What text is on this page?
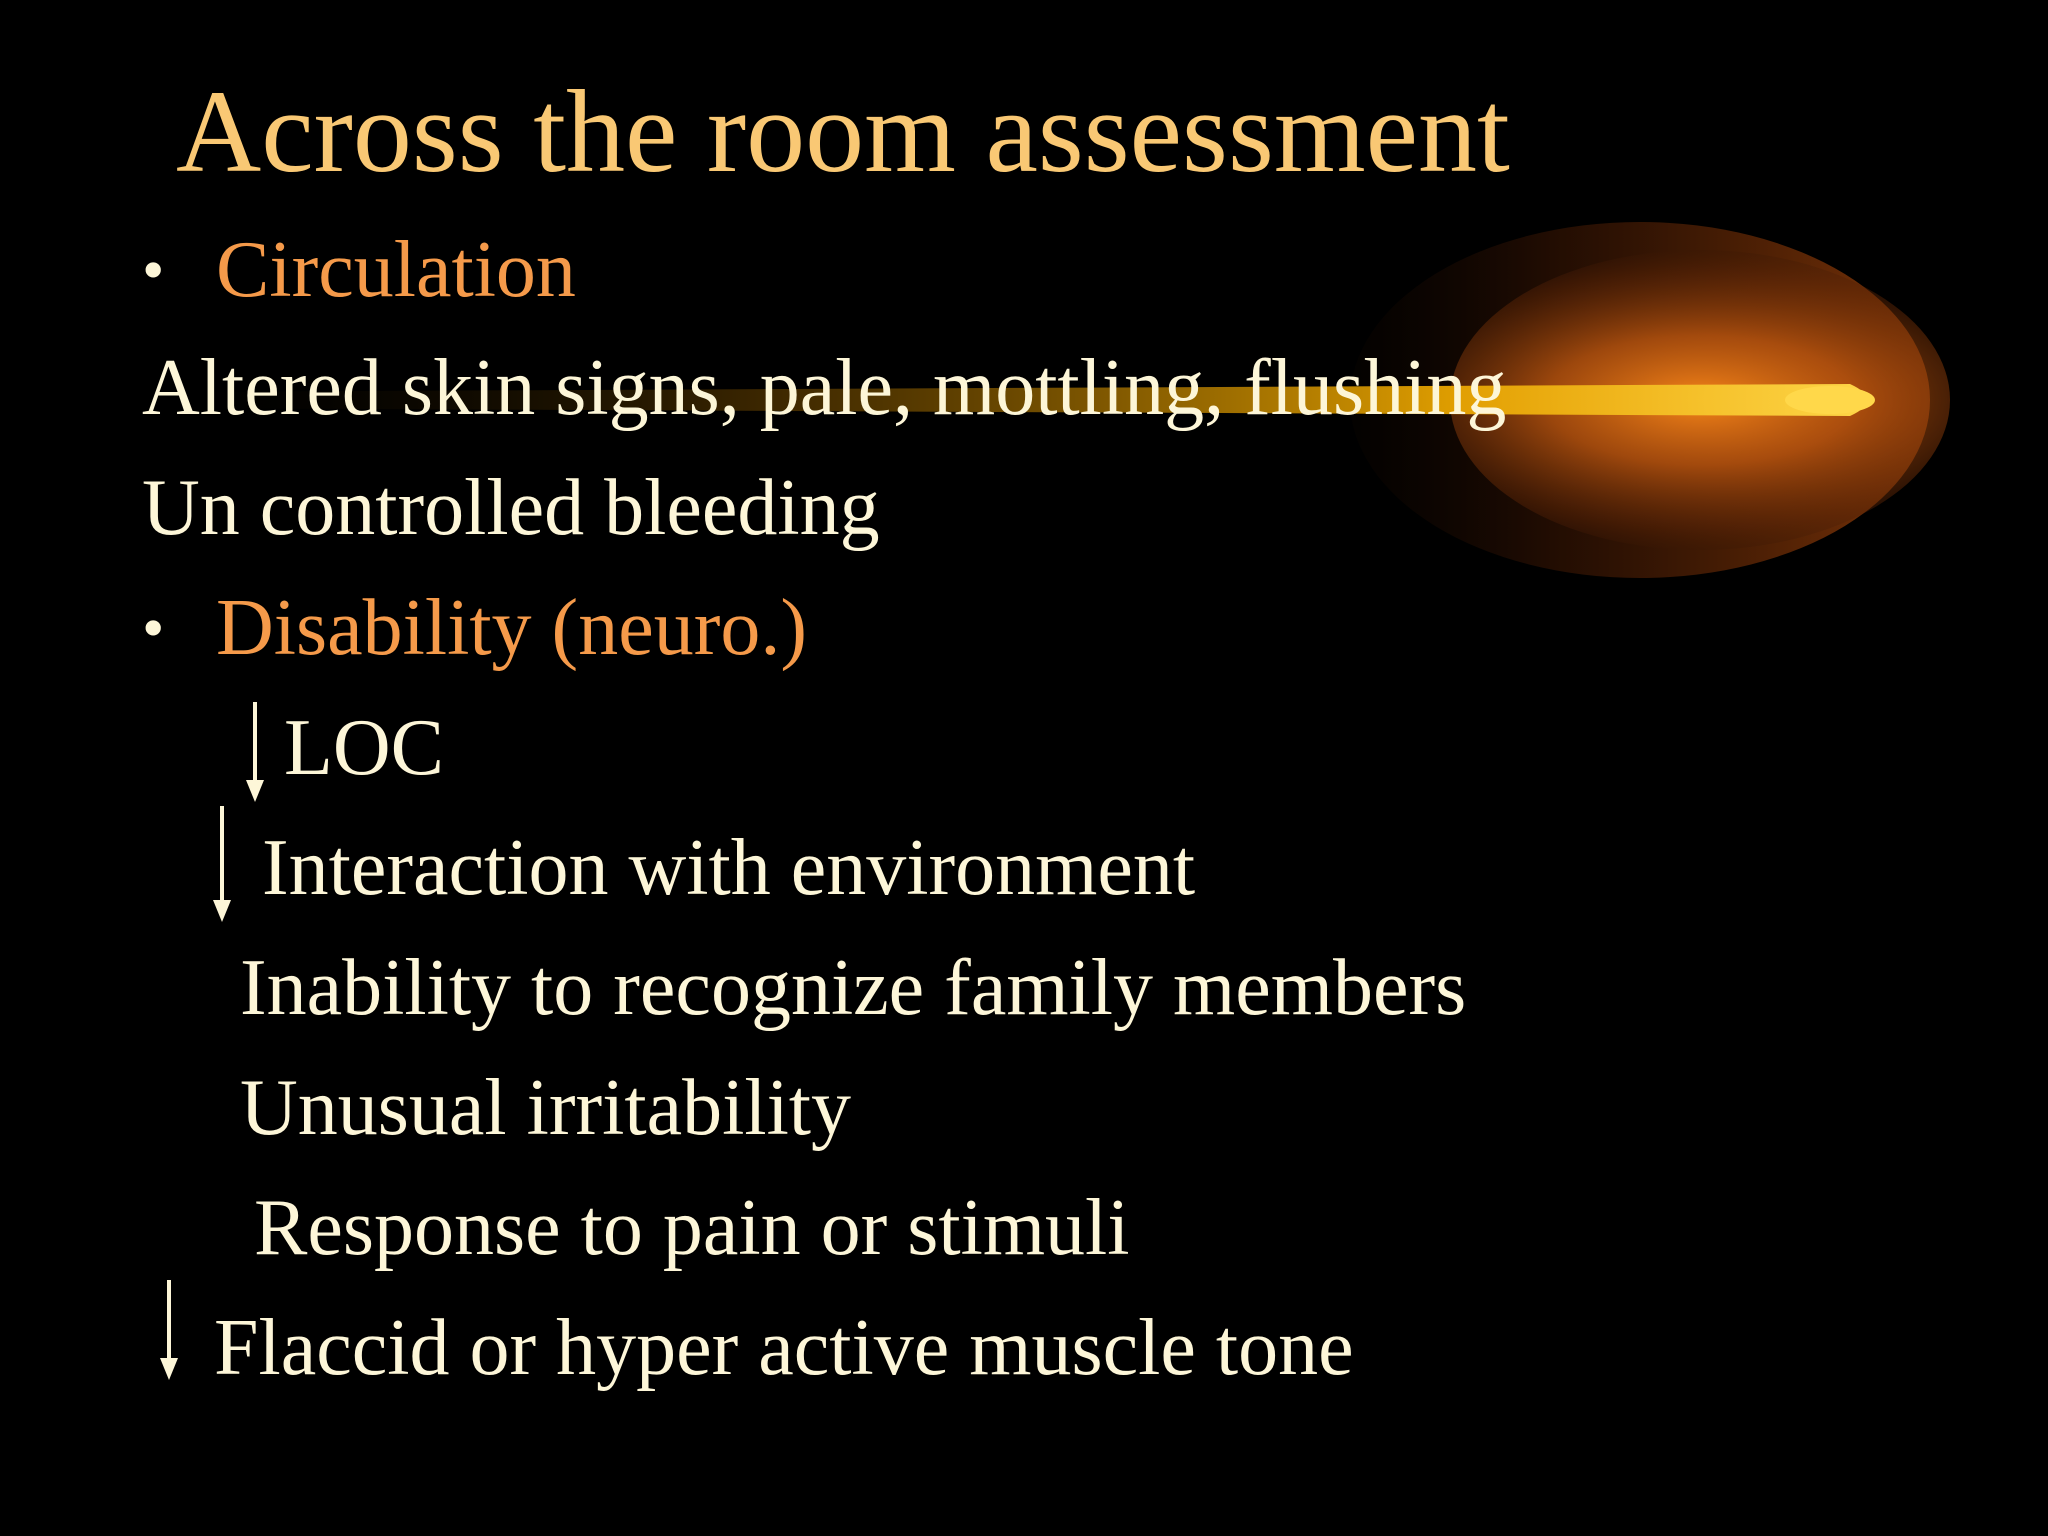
Across the room assessment
• Circulation
Altered skin signs, pale, mottling, flushing
Un controlled bleeding
• Disability (neuro.)
LOC
Interaction with environment
Inability to recognize family members
Unusual irritability
Response to pain or stimuli
Flaccid or hyper active muscle tone
